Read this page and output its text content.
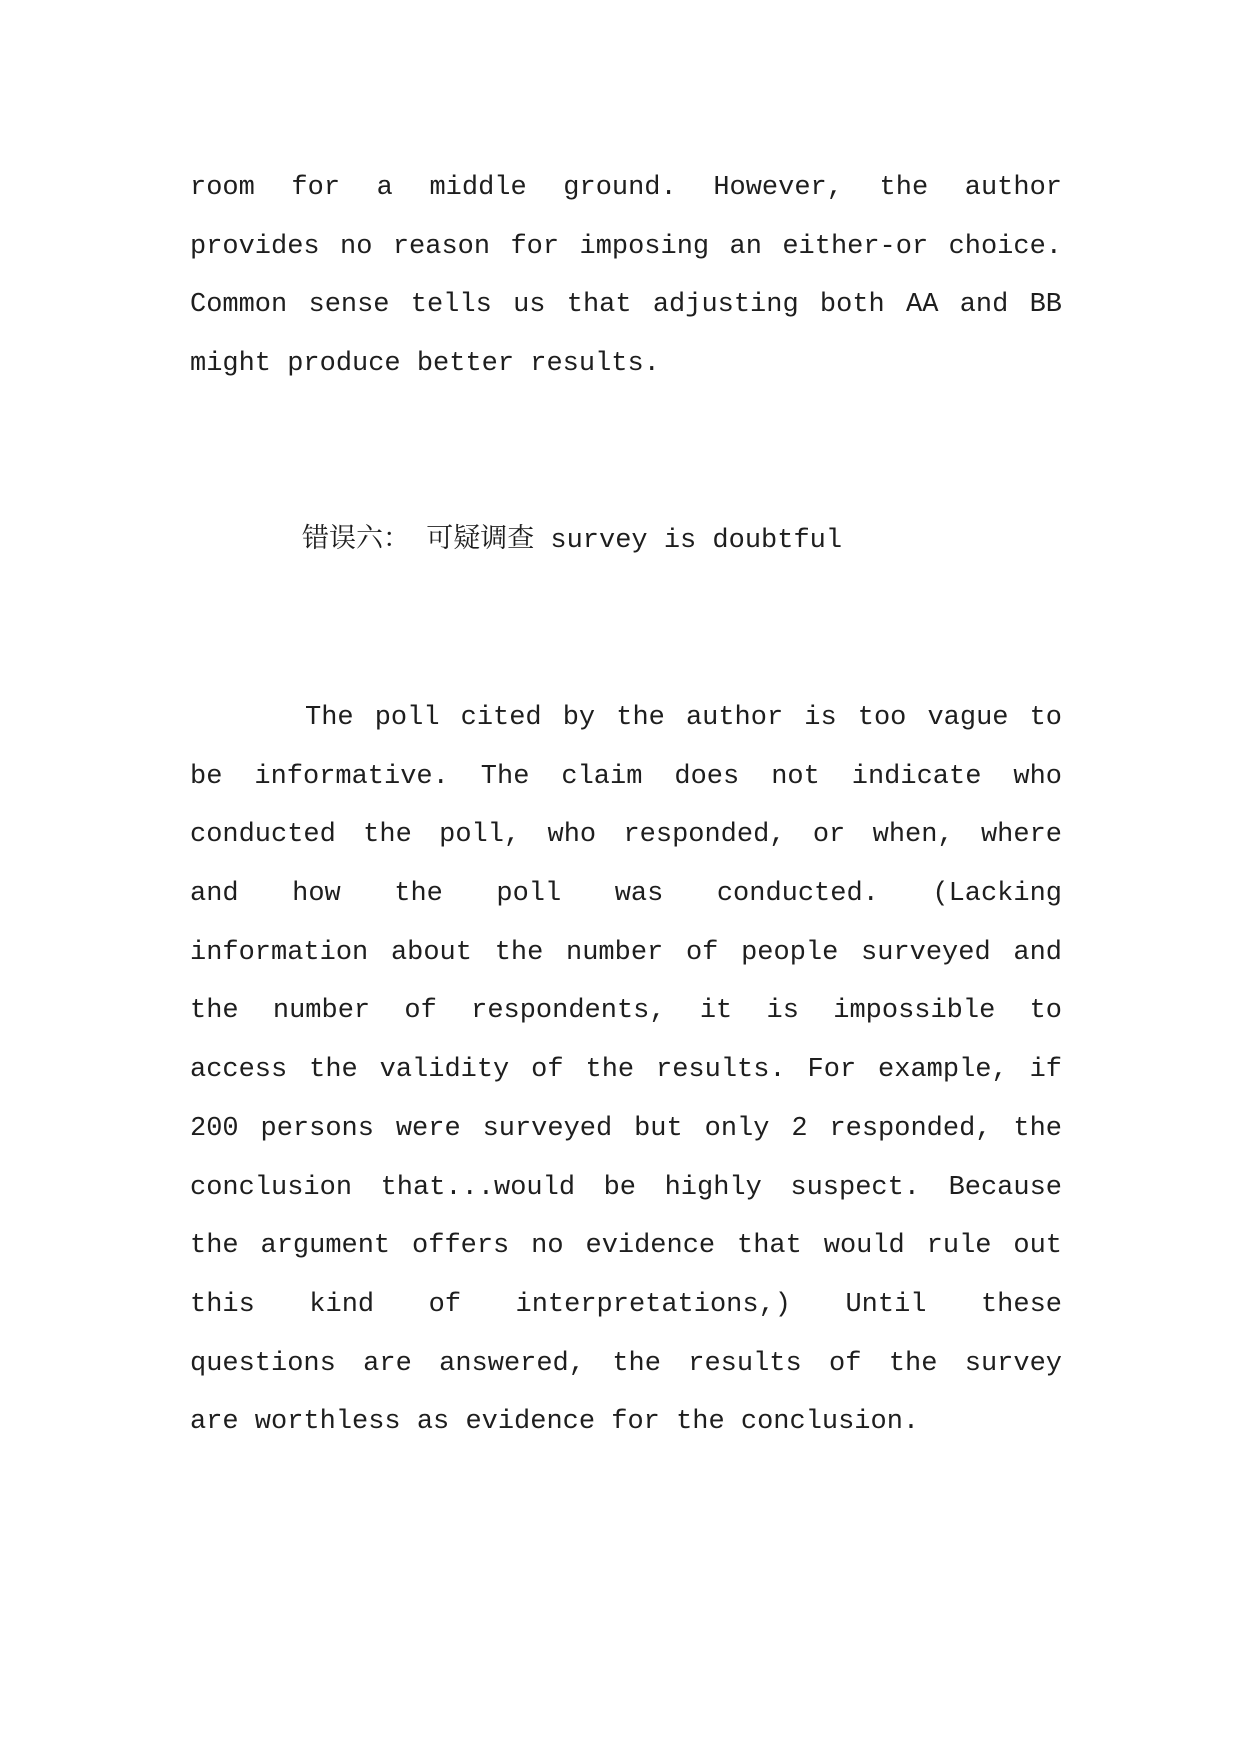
room for a middle ground. However, the author
provides no reason for imposing an either-or choice.
Common sense tells us that adjusting both AA and BB
might produce better results.
错误六： 可疑调查 survey is doubtful
The poll cited by the author is too vague to
be informative. The claim does not indicate who
conducted the poll, who responded, or when, where
and how the poll was conducted. (Lacking
information about the number of people surveyed and
the number of respondents, it is impossible to
access the validity of the results. For example, if
200 persons were surveyed but only 2 responded, the
conclusion that...would be highly suspect. Because
the argument offers no evidence that would rule out
this kind of interpretations,) Until these
questions are answered, the results of the survey
are worthless as evidence for the conclusion.
